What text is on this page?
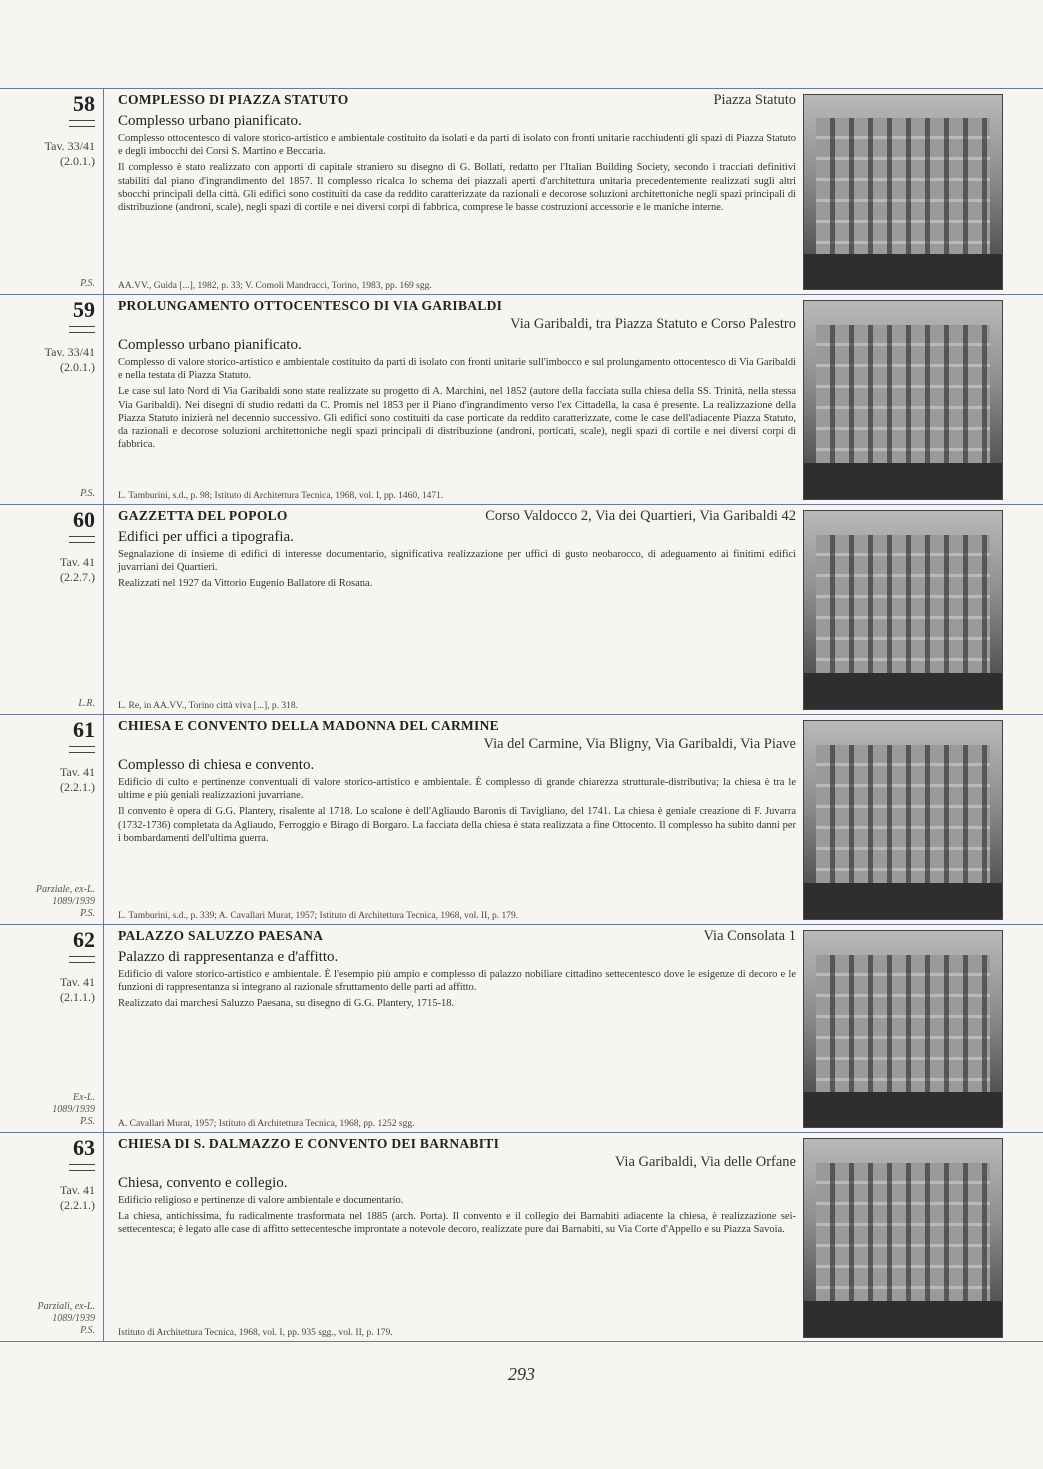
58
Tav. 33/41
(2.0.1.)
P.S.
COMPLESSO DI PIAZZA STATUTO	Piazza Statuto
Complesso urbano pianificato.
Complesso ottocentesco di valore storico-artistico e ambientale costituito da isolati e da parti di isolato con fronti unitarie racchiudenti gli spazi di Piazza Statuto e degli imbocchi dei Corsi S. Martino e Beccaria.
Il complesso è stato realizzato con apporti di capitale straniero su disegno di G. Bollati, redatto per l'Italian Building Society, secondo i tracciati definitivi stabiliti dal piano d'ingrandimento del 1857. Il complesso ricalca lo schema dei piazzali aperti d'architettura unitaria precedentemente realizzati sugli altri sbocchi principali della città. Gli edifici sono costituiti da case da reddito caratterizzate da razionali e decorose soluzioni architettoniche negli spazi principali di distribuzione (androni, scale), negli spazi di cortile e nei diversi corpi di fabbrica, comprese le basse costruzioni accessorie e le maniche interne.
AA.VV., Guida [...], 1982, p. 33; V. Comoli Mandracci, Torino, 1983, pp. 169 sgg.
59
Tav. 33/41
(2.0.1.)
P.S.
PROLUNGAMENTO OTTOCENTESCO DI VIA GARIBALDI
Via Garibaldi, tra Piazza Statuto e Corso Palestro
Complesso urbano pianificato.
Complesso di valore storico-artistico e ambientale costituito da parti di isolato con fronti unitarie sull'imbocco e sul prolungamento ottocentesco di Via Garibaldi e nella testata di Piazza Statuto.
Le case sul lato Nord di Via Garibaldi sono state realizzate su progetto di A. Marchini, nel 1852 (autore della facciata sulla chiesa della SS. Trinità, nella stessa Via Garibaldi). Nei disegni di studio redatti da C. Promis nel 1853 per il Piano d'ingrandimento verso l'ex Cittadella, la casa è presente. La realizzazione della Piazza Statuto inizierà nel decennio successivo. Gli edifici sono costituiti da case porticate da reddito caratterizzate, come le case dell'adiacente Piazza Statuto, da razionali e decorose soluzioni architettoniche negli spazi principali di distribuzione (androni, porticati, scale), negli spazi di cortile e nei diversi corpi di fabbrica.
L. Tamburini, s.d., p. 98; Istituto di Architettura Tecnica, 1968, vol. I, pp. 1460, 1471.
60
Tav. 41
(2.2.7.)
L.R.
GAZZETTA DEL POPOLO	Corso Valdocco 2, Via dei Quartieri, Via Garibaldi 42
Edifici per uffici a tipografia.
Segnalazione di insieme di edifici di interesse documentario, significativa realizzazione per uffici di gusto neobarocco, di adeguamento ai finitimi edifici juvarriani dei Quartieri.
Realizzati nel 1927 da Vittorio Eugenio Ballatore di Rosana.
L. Re, in AA.VV., Torino città viva [...], p. 318.
61
Tav. 41
(2.2.1.)
Parziale, ex-L. 1089/1939 P.S.
CHIESA E CONVENTO DELLA MADONNA DEL CARMINE
Via del Carmine, Via Bligny, Via Garibaldi, Via Piave
Complesso di chiesa e convento.
Edificio di culto e pertinenze conventuali di valore storico-artistico e ambientale. È complesso di grande chiarezza strutturale-distributiva; la chiesa è tra le ultime e più geniali realizzazioni juvarriane.
Il convento è opera di G.G. Plantery, risalente al 1718. Lo scalone è dell'Agliaudo Baronis di Tavigliano, del 1741. La chiesa è geniale creazione di F. Juvarra (1732-1736) completata da Agliaudo, Ferroggio e Birago di Borgaro. La facciata della chiesa è stata realizzata a fine Ottocento. Il complesso ha subito danni per i bombardamenti dell'ultima guerra.
L. Tamburini, s.d., p. 339; A. Cavallari Murat, 1957; Istituto di Architettura Tecnica, 1968, vol. II, p. 179.
62
Tav. 41
(2.1.1.)
Ex-L. 1089/1939 P.S.
PALAZZO SALUZZO PAESANA	Via Consolata 1
Palazzo di rappresentanza e d'affitto.
Edificio di valore storico-artistico e ambientale. È l'esempio più ampio e complesso di palazzo nobiliare cittadino settecentesco dove le esigenze di decoro e le funzioni di rappresentanza si integrano al razionale sfruttamento delle parti ad affitto.
Realizzato dai marchesi Saluzzo Paesana, su disegno di G.G. Plantery, 1715-18.
A. Cavallari Murat, 1957; Istituto di Architettura Tecnica, 1968, pp. 1252 sgg.
63
Tav. 41
(2.2.1.)
Parziali, ex-L. 1089/1939 P.S.
CHIESA DI S. DALMAZZO E CONVENTO DEI BARNABITI
Via Garibaldi, Via delle Orfane
Chiesa, convento e collegio.
Edificio religioso e pertinenze di valore ambientale e documentario.
La chiesa, antichissima, fu radicalmente trasformata nel 1885 (arch. Porta). Il convento e il collegio dei Barnabiti adiacente la chiesa, è realizzazione sei-settecentesca; è legato alle case di affitto settecentesche improntate a notevole decoro, realizzate pure dai Barnabiti, su Via Corte d'Appello e su Piazza Savoia.
Istituto di Architettura Tecnica, 1968, vol. I, pp. 935 sgg., vol. II, p. 179.
293
